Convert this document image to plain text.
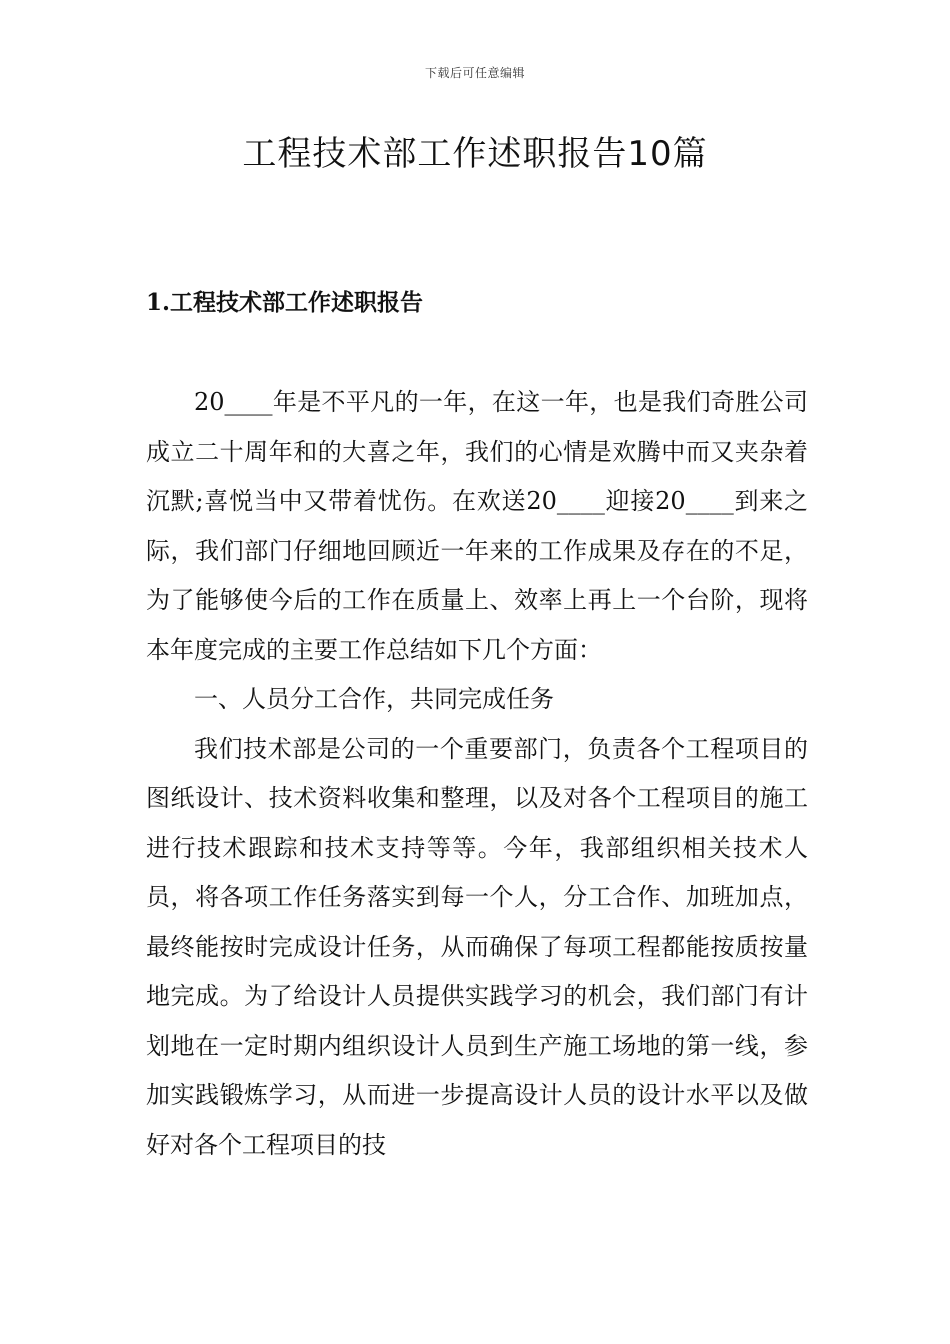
下载后可任意编辑
工程技术部工作述职报告10篇
1.工程技术部工作述职报告

20____年是不平凡的一年，在这一年，也是我们奇胜公司成立二十周年和的大喜之年，我们的心情是欢腾中而又夹杂着沉默;喜悦当中又带着忧伤。在欢送20____迎接20____到来之际，我们部门仔细地回顾近一年来的工作成果及存在的不足，为了能够使今后的工作在质量上、效率上再上一个台阶，现将本年度完成的主要工作总结如下几个方面：

一、人员分工合作，共同完成任务

我们技术部是公司的一个重要部门，负责各个工程项目的图纸设计、技术资料收集和整理，以及对各个工程项目的施工进行技术跟踪和技术支持等等。今年，我部组织相关技术人员，将各项工作任务落实到每一个人，分工合作、加班加点，最终能按时完成设计任务，从而确保了每项工程都能按质按量地完成。为了给设计人员提供实践学习的机会，我们部门有计划地在一定时期内组织设计人员到生产施工场地的第一线，参加实践锻炼学习，从而进一步提高设计人员的设计水平以及做好对各个工程项目的技
